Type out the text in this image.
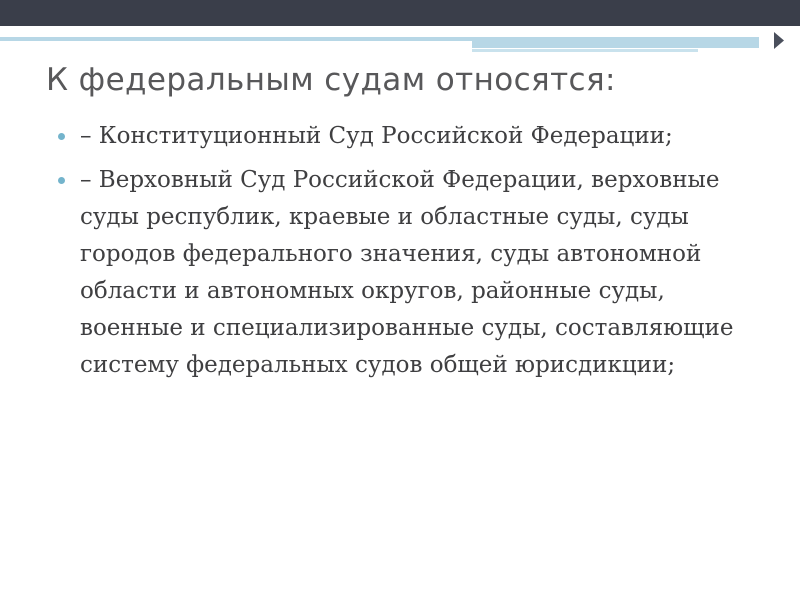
К федеральным судам относятся:
– Конституционный Суд Российской Федерации;
– Верховный Суд Российской Федерации, верховные суды республик, краевые и областные суды, суды городов федерального значения, суды автономной области и автономных округов, районные суды, военные и специализированные суды, составляющие систему федеральных судов общей юрисдикции;
